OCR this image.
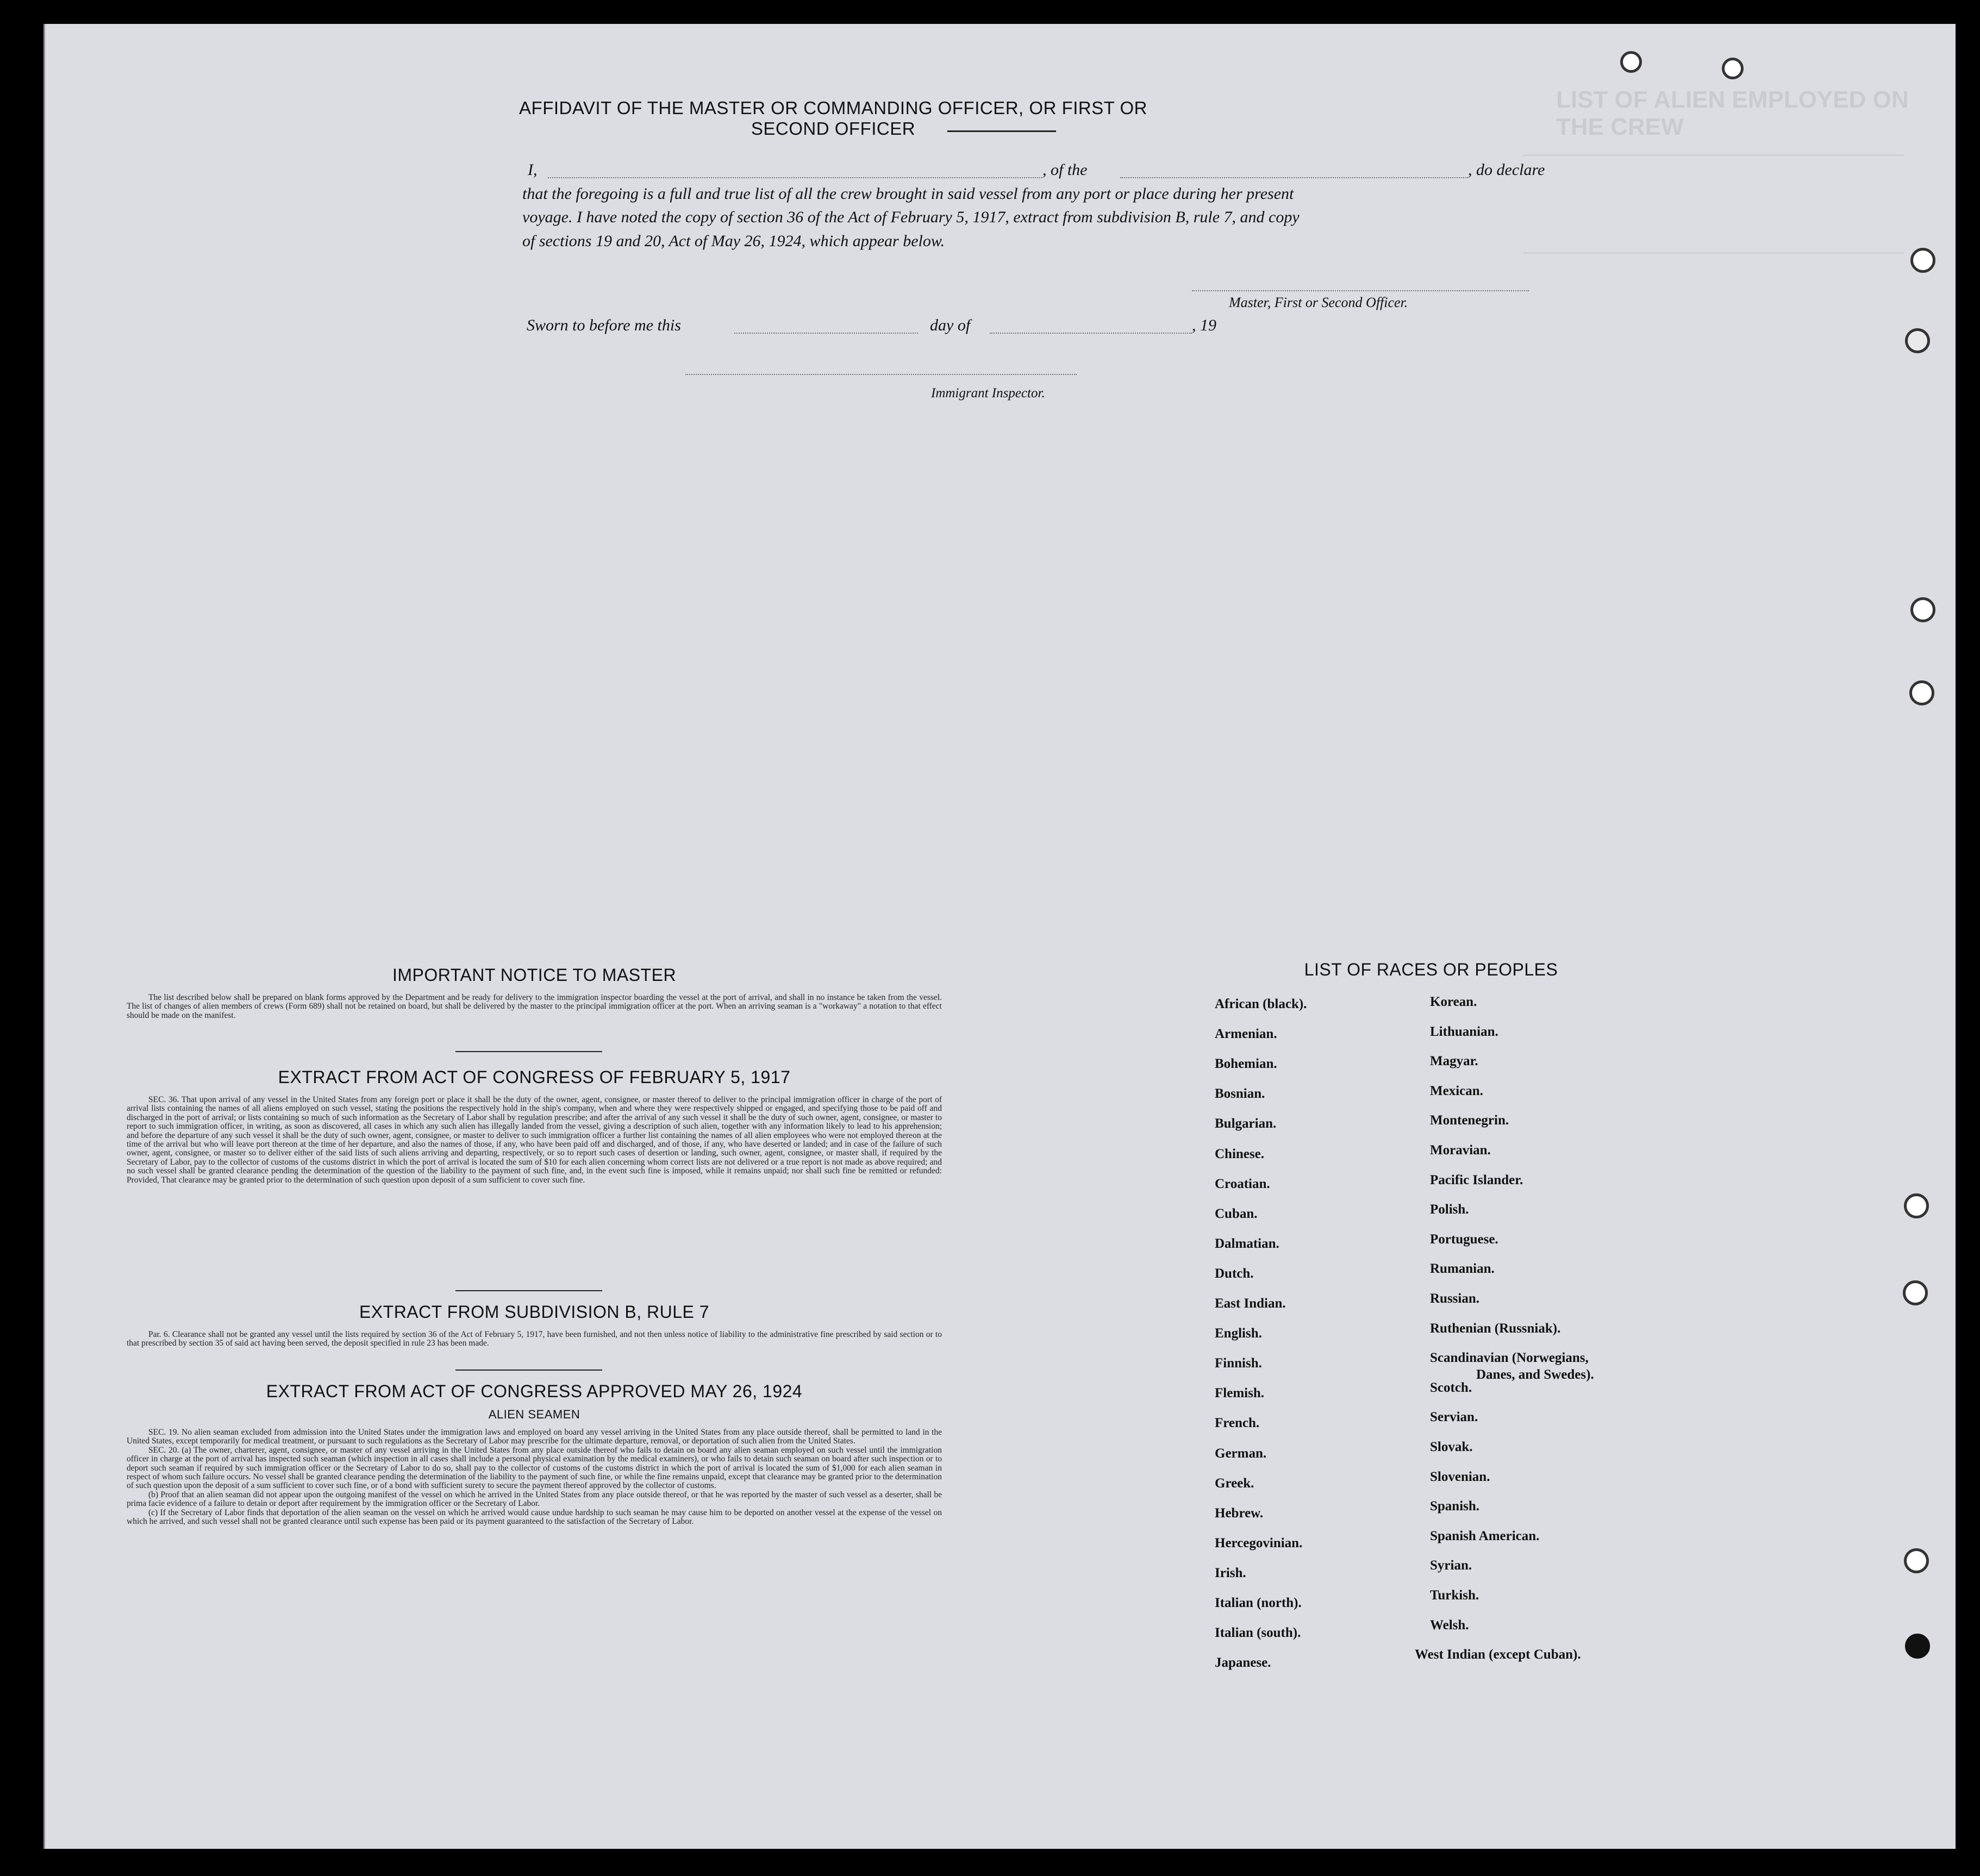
LIST OF ALIEN EMPLOYED ON THE CREW
AFFIDAVIT OF THE MASTER OR COMMANDING OFFICER, OR FIRST OR SECOND OFFICER
I,	, of the	, do declare
that the foregoing is a full and true list of all the crew brought in said vessel from any port or place during her present
voyage. I have noted the copy of section 36 of the Act of February 5, 1917, extract from subdivision B, rule 7, and copy
of sections 19 and 20, Act of May 26, 1924, which appear below.
Master, First or Second Officer.
Sworn to before me this	day of	, 19
Immigrant Inspector.
IMPORTANT NOTICE TO MASTER
The list described below shall be prepared on blank forms approved by the Department and be ready for delivery to the immigration inspector boarding the vessel at the port of arrival, and shall in no instance be taken from the vessel. The list of changes of alien members of crews (Form 689) shall not be retained on board, but shall be delivered by the master to the principal immigration officer at the port. When an arriving seaman is a "workaway" a notation to that effect should be made on the manifest.
EXTRACT FROM ACT OF CONGRESS OF FEBRUARY 5, 1917
SEC. 36. That upon arrival of any vessel in the United States from any foreign port or place it shall be the duty of the owner, agent, consignee, or master thereof to deliver to the principal immigration officer in charge of the port of arrival lists containing the names of all aliens employed on such vessel, stating the positions the respectively hold in the ship's company, when and where they were respectively shipped or engaged, and specifying those to be paid off and discharged in the port of arrival; or lists containing so much of such information as the Secretary of Labor shall by regulation prescribe; and after the arrival of any such vessel it shall be the duty of such owner, agent, consignee, or master to report to such immigration officer, in writing, as soon as discovered, all cases in which any such alien has illegally landed from the vessel, giving a description of such alien, together with any information likely to lead to his apprehension; and before the departure of any such vessel it shall be the duty of such owner, agent, consignee, or master to deliver to such immigration officer a further list containing the names of all alien employees who were not employed thereon at the time of the arrival but who will leave port thereon at the time of her departure, and also the names of those, if any, who have been paid off and discharged, and of those, if any, who have deserted or landed; and in case of the failure of such owner, agent, consignee, or master so to deliver either of the said lists of such aliens arriving and departing, respectively, or so to report such cases of desertion or landing, such owner, agent, consignee, or master shall, if required by the Secretary of Labor, pay to the collector of customs of the customs district in which the port of arrival is located the sum of $10 for each alien concerning whom correct lists are not delivered or a true report is not made as above required; and no such vessel shall be granted clearance pending the determination of the question of the liability to the payment of such fine, and, in the event such fine is imposed, while it remains unpaid; nor shall such fine be remitted or refunded: Provided, That clearance may be granted prior to the determination of such question upon deposit of a sum sufficient to cover such fine.
EXTRACT FROM SUBDIVISION B, RULE 7
Par. 6. Clearance shall not be granted any vessel until the lists required by section 36 of the Act of February 5, 1917, have been furnished, and not then unless notice of liability to the administrative fine prescribed by said section or to that prescribed by section 35 of said act having been served, the deposit specified in rule 23 has been made.
EXTRACT FROM ACT OF CONGRESS APPROVED MAY 26, 1924
ALIEN SEAMEN

SEC. 19. No alien seaman excluded from admission into the United States under the immigration laws and employed on board any vessel arriving in the United States from any place outside thereof, shall be permitted to land in the United States, except temporarily for medical treatment, or pursuant to such regulations as the Secretary of Labor may prescribe for the ultimate departure, removal, or deportation of such alien from the United States.

SEC. 20. (a) The owner, charterer, agent, consignee, or master of any vessel arriving in the United States from any place outside thereof who fails to detain on board any alien seaman employed on such vessel until the immigration officer in charge at the port of arrival has inspected such seaman (which inspection in all cases shall include a personal physical examination by the medical examiners), or who fails to detain such seaman on board after such inspection or to deport such seaman if required by such immigration officer or the Secretary of Labor to do so, shall pay to the collector of customs of the customs district in which the port of arrival is located the sum of $1,000 for each alien seaman in respect of whom such failure occurs. No vessel shall be granted clearance pending the determination of the liability to the payment of such fine, or while the fine remains unpaid, except that clearance may be granted prior to the determination of such question upon the deposit of a sum sufficient to cover such fine, or of a bond with sufficient surety to secure the payment thereof approved by the collector of customs.

(b) Proof that an alien seaman did not appear upon the outgoing manifest of the vessel on which he arrived in the United States from any place outside thereof, or that he was reported by the master of such vessel as a deserter, shall be prima facie evidence of a failure to detain or deport after requirement by the immigration officer or the Secretary of Labor.

(c) If the Secretary of Labor finds that deportation of the alien seaman on the vessel on which he arrived would cause undue hardship to such seaman he may cause him to be deported on another vessel at the expense of the vessel on which he arrived, and such vessel shall not be granted clearance until such expense has been paid or its payment guaranteed to the satisfaction of the Secretary of Labor.

LIST OF RACES OR PEOPLES
African (black).
Armenian.
Bohemian.
Bosnian.
Bulgarian.
Chinese.
Croatian.
Cuban.
Dalmatian.
Dutch.
East Indian.
English.
Finnish.
Flemish.
French.
German.
Greek.
Hebrew.
Hercegovinian.
Irish.
Italian (north).
Italian (south).
Japanese.
Korean.
Lithuanian.
Magyar.
Mexican.
Montenegrin.
Moravian.
Pacific Islander.
Polish.
Portuguese.
Rumanian.
Russian.
Ruthenian (Russniak).
Scandinavian (Norwegians,
Scotch.
Servian.
Slovak.
Slovenian.
Spanish.
Spanish American.
Syrian.
Turkish.
Welsh.
West Indian (except Cuban).
Danes, and Swedes).
